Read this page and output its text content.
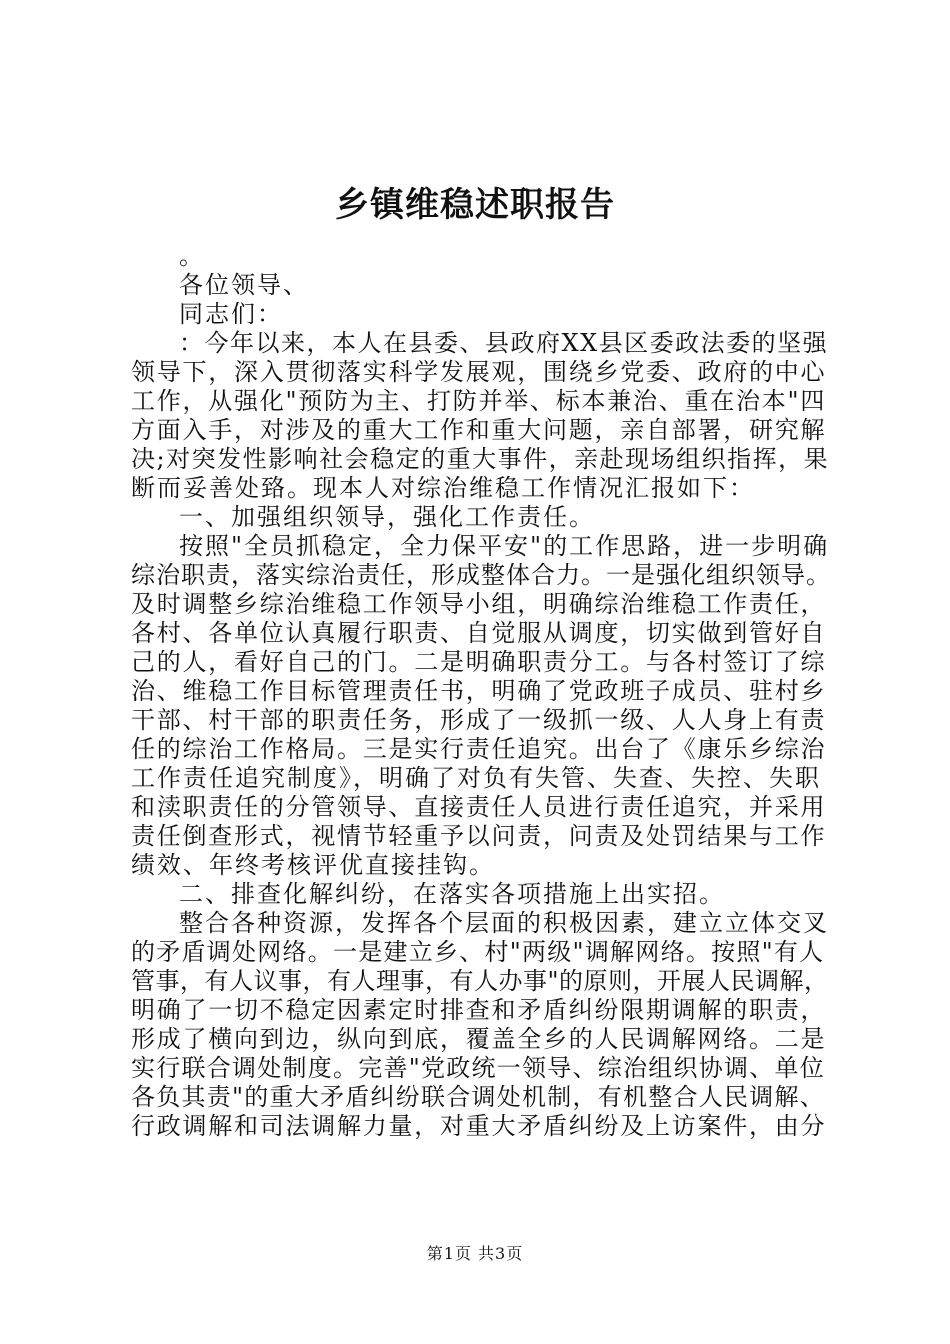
乡镇维稳述职报告
。
各位领导、
同志们：
：今年以来，本人在县委、县政府XX县区委政法委的坚强
领导下，深入贯彻落实科学发展观，围绕乡党委、政府的中心
工作，从强化"预防为主、打防并举、标本兼治、重在治本"四
方面入手，对涉及的重大工作和重大问题，亲自部署，研究解
决;对突发性影响社会稳定的重大事件，亲赴现场组织指挥，果
断而妥善处臵。现本人对综治维稳工作情况汇报如下：
一、加强组织领导，强化工作责任。
按照"全员抓稳定，全力保平安"的工作思路，进一步明确
综治职责，落实综治责任，形成整体合力。一是强化组织领导。
及时调整乡综治维稳工作领导小组，明确综治维稳工作责任，
各村、各单位认真履行职责、自觉服从调度，切实做到管好自
己的人，看好自己的门。二是明确职责分工。与各村签订了综
治、维稳工作目标管理责任书，明确了党政班子成员、驻村乡
干部、村干部的职责任务，形成了一级抓一级、人人身上有责
任的综治工作格局。三是实行责任追究。出台了《康乐乡综治
工作责任追究制度》，明确了对负有失管、失查、失控、失职
和渎职责任的分管领导、直接责任人员进行责任追究，并采用
责任倒查形式，视情节轻重予以问责，问责及处罚结果与工作
绩效、年终考核评优直接挂钩。
二、排查化解纠纷，在落实各项措施上出实招。
整合各种资源，发挥各个层面的积极因素，建立立体交叉
的矛盾调处网络。一是建立乡、村"两级"调解网络。按照"有人
管事，有人议事，有人理事，有人办事"的原则，开展人民调解，
明确了一切不稳定因素定时排查和矛盾纠纷限期调解的职责，
形成了横向到边，纵向到底，覆盖全乡的人民调解网络。二是
实行联合调处制度。完善"党政统一领导、综治组织协调、单位
各负其责"的重大矛盾纠纷联合调处机制，有机整合人民调解、
行政调解和司法调解力量，对重大矛盾纠纷及上访案件，由分
第1页 共3页
